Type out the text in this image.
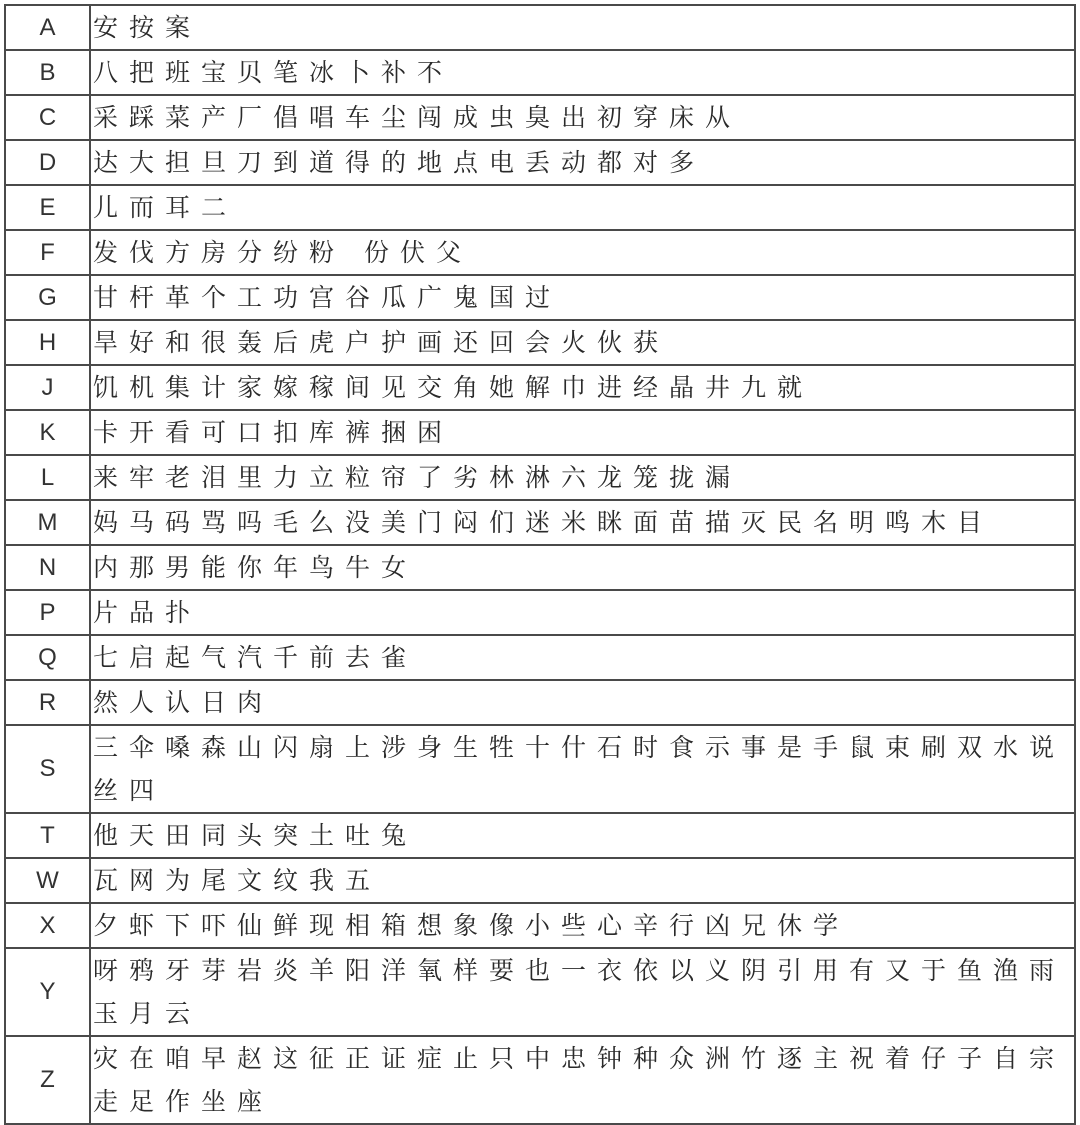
A	安按案
B	八把班宝贝笔冰卜补不
C	采踩菜产厂倡唱车尘闯成虫臭出初穿床从
D	达大担旦刀到道得的地点电丢动都对多
E	儿而耳二
F	发伐方房分纷粉 份伏父
G	甘杆革个工功宫谷瓜广鬼国过
H	旱好和很轰后虎户护画还回会火伙获
J	饥机集计家嫁稼间见交角她解巾进经晶井九就
K	卡开看可口扣库裤捆困
L	来牢老泪里力立粒帘了劣林淋六龙笼拢漏
M	妈马码骂吗毛么没美门闷们迷米眯面苗描灭民名明鸣木目
N	内那男能你年鸟牛女
P	片品扑
Q	七启起气汽千前去雀
R	然人认日肉
S	三伞嗓森山闪扇上涉身生牲十什石时食示事是手鼠束刷双水说丝四
T	他天田同头突土吐兔
W	瓦网为尾文纹我五
X	夕虾下吓仙鲜现相箱想象像小些心辛行凶兄休学
Y	呀鸦牙芽岩炎羊阳洋氧样要也一衣依以义阴引用有又于鱼渔雨玉月云
Z	灾在咱早赵这征正证症止只中忠钟种众洲竹逐主祝着仔子自宗走足作坐座
